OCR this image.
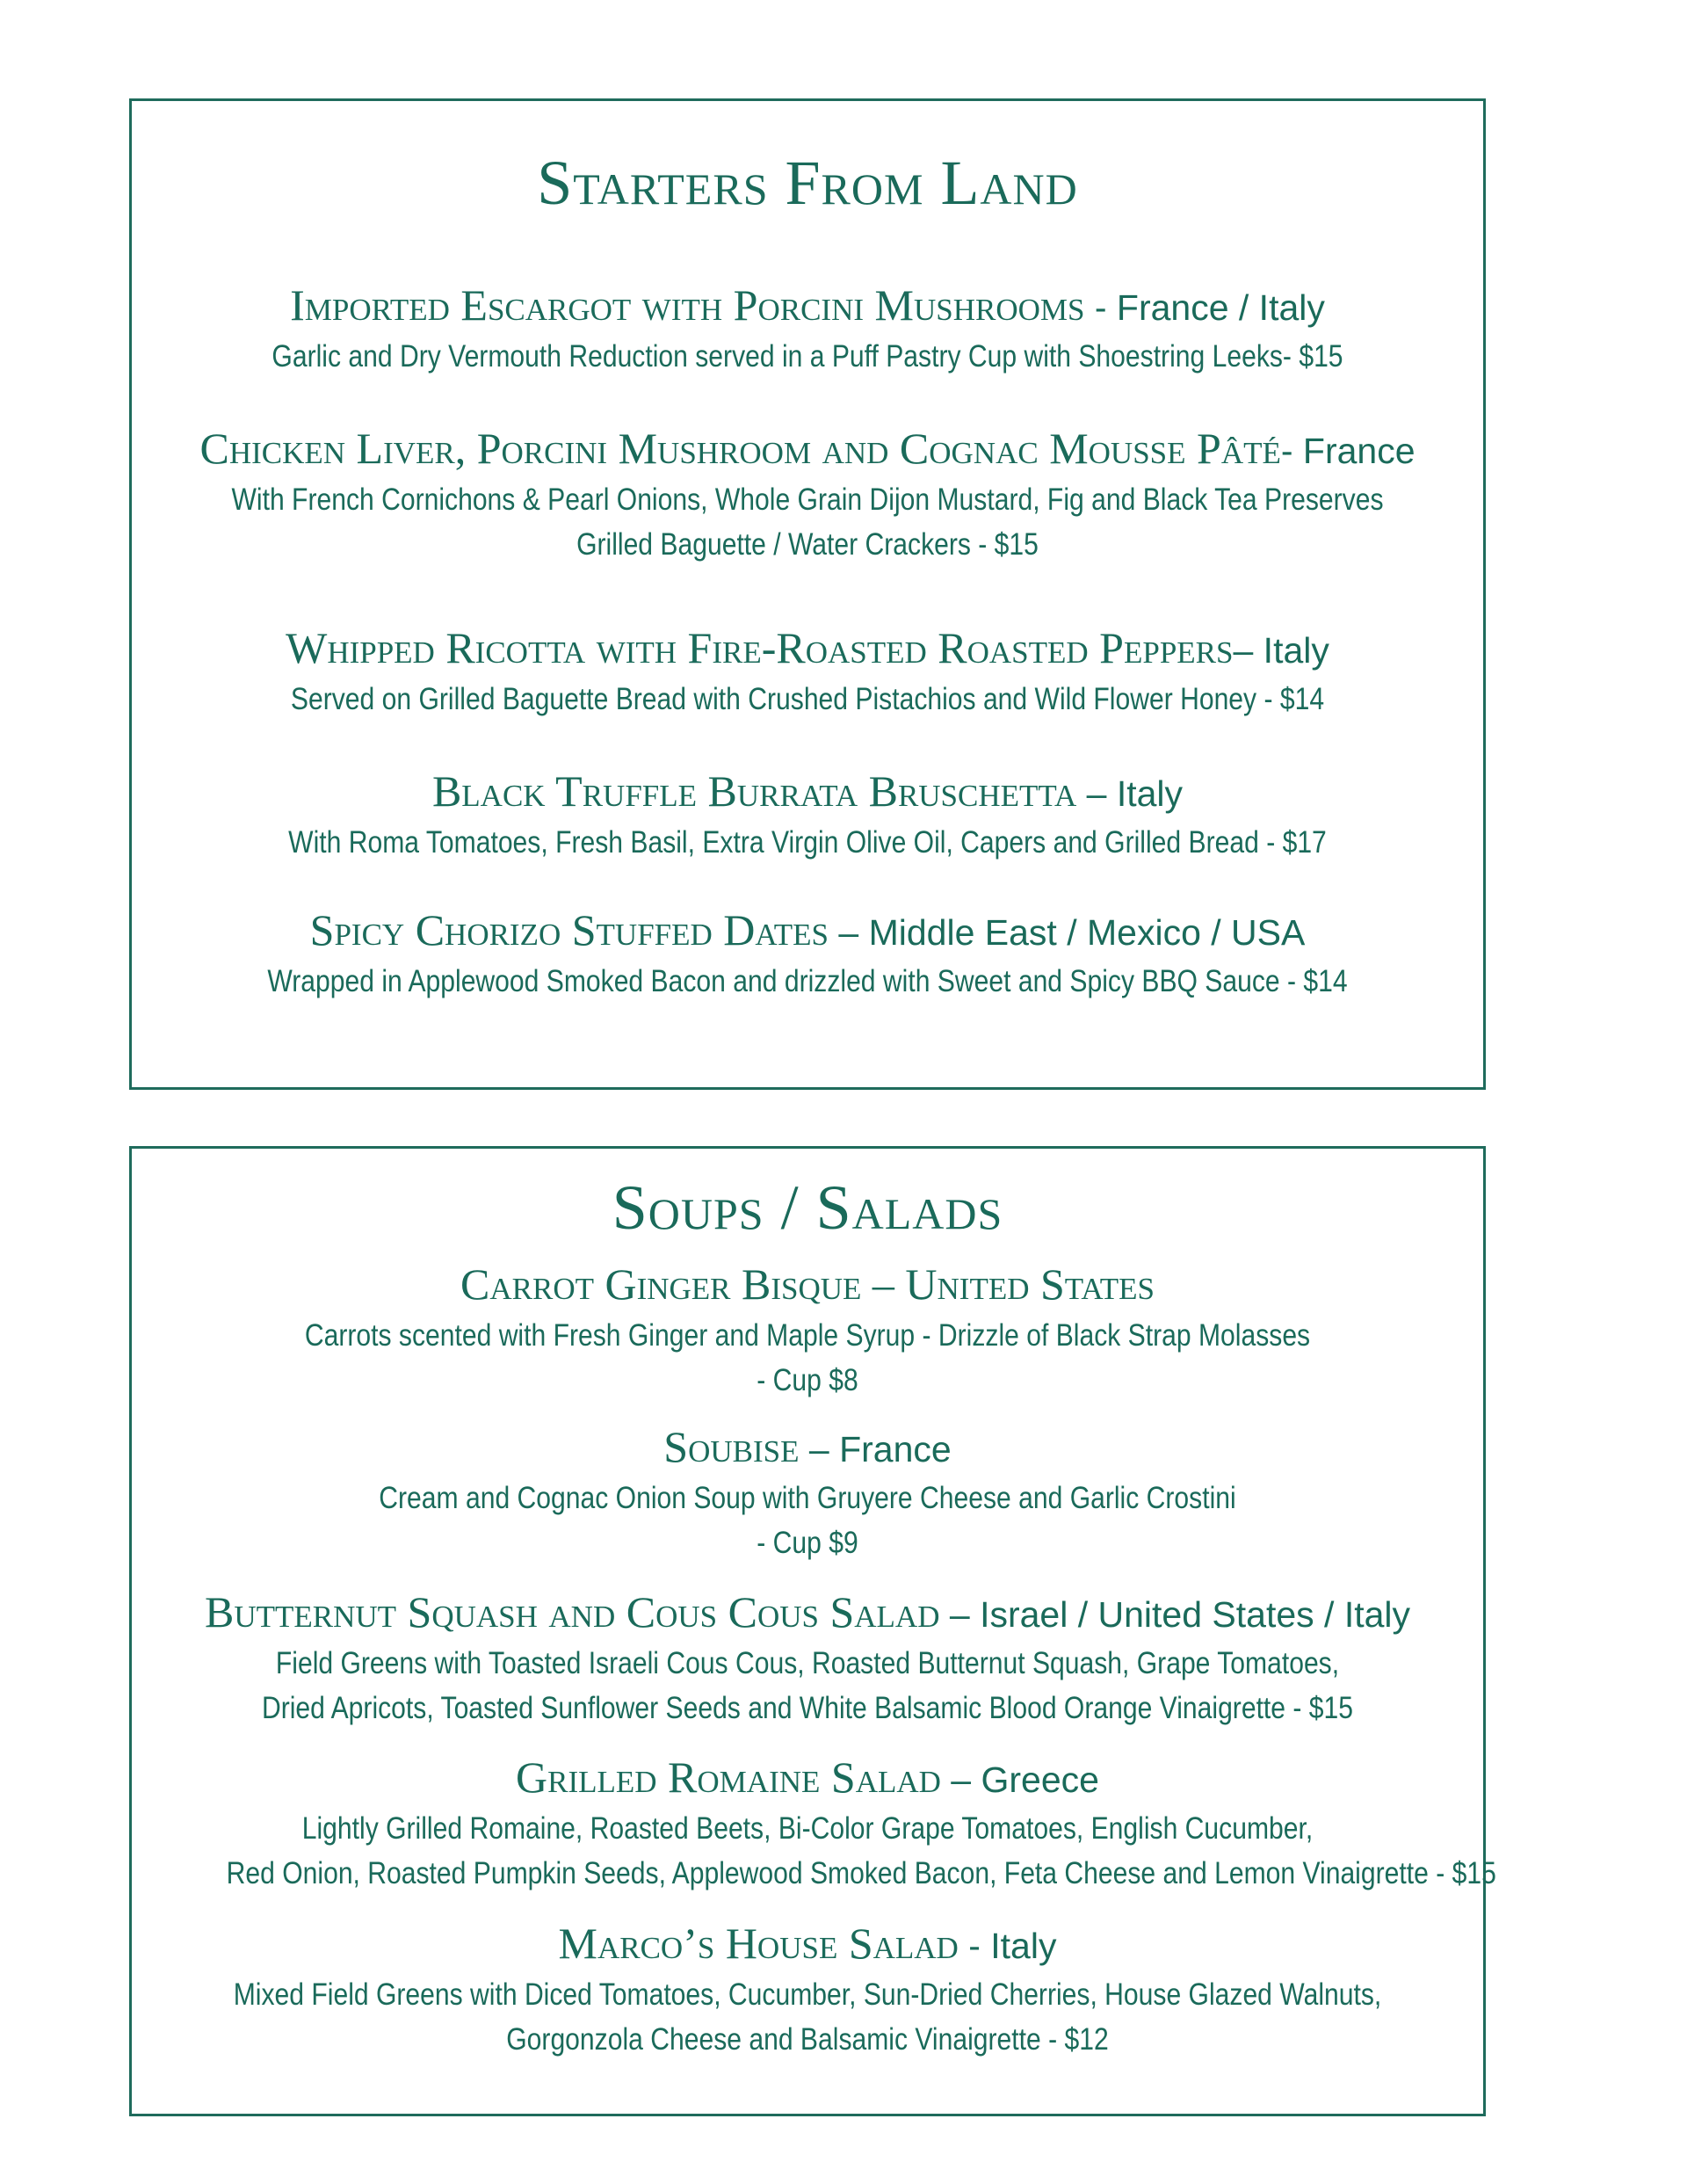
Starters From Land
Imported Escargot with Porcini Mushrooms - France / Italy
Garlic and Dry Vermouth Reduction served in a Puff Pastry Cup with Shoestring Leeks- $15
Chicken Liver, Porcini Mushroom and Cognac Mousse Pâté- France
With French Cornichons & Pearl Onions, Whole Grain Dijon Mustard, Fig and Black Tea Preserves
Grilled Baguette / Water Crackers - $15
Whipped Ricotta with Fire-Roasted Roasted Peppers– Italy
Served on Grilled Baguette Bread with Crushed Pistachios and Wild Flower Honey - $14
Black Truffle Burrata Bruschetta – Italy
With Roma Tomatoes, Fresh Basil, Extra Virgin Olive Oil, Capers and Grilled Bread - $17
Spicy Chorizo Stuffed Dates – Middle East / Mexico / USA
Wrapped in Applewood Smoked Bacon and drizzled with Sweet and Spicy BBQ Sauce - $14
Soups / Salads
Carrot Ginger Bisque – United States
Carrots scented with Fresh Ginger and Maple Syrup - Drizzle of Black Strap Molasses
- Cup $8
Soubise – France
Cream and Cognac Onion Soup with Gruyere Cheese and Garlic Crostini
- Cup $9
Butternut Squash and Cous Cous Salad – Israel / United States / Italy
Field Greens with Toasted Israeli Cous Cous, Roasted Butternut Squash, Grape Tomatoes,
Dried Apricots, Toasted Sunflower Seeds and White Balsamic Blood Orange Vinaigrette - $15
Grilled Romaine Salad – Greece
Lightly Grilled Romaine, Roasted Beets, Bi-Color Grape Tomatoes, English Cucumber,
Red Onion, Roasted Pumpkin Seeds, Applewood Smoked Bacon, Feta Cheese and Lemon Vinaigrette - $15
Marco’s House Salad - Italy
Mixed Field Greens with Diced Tomatoes, Cucumber, Sun-Dried Cherries, House Glazed Walnuts,
Gorgonzola Cheese and Balsamic Vinaigrette - $12
